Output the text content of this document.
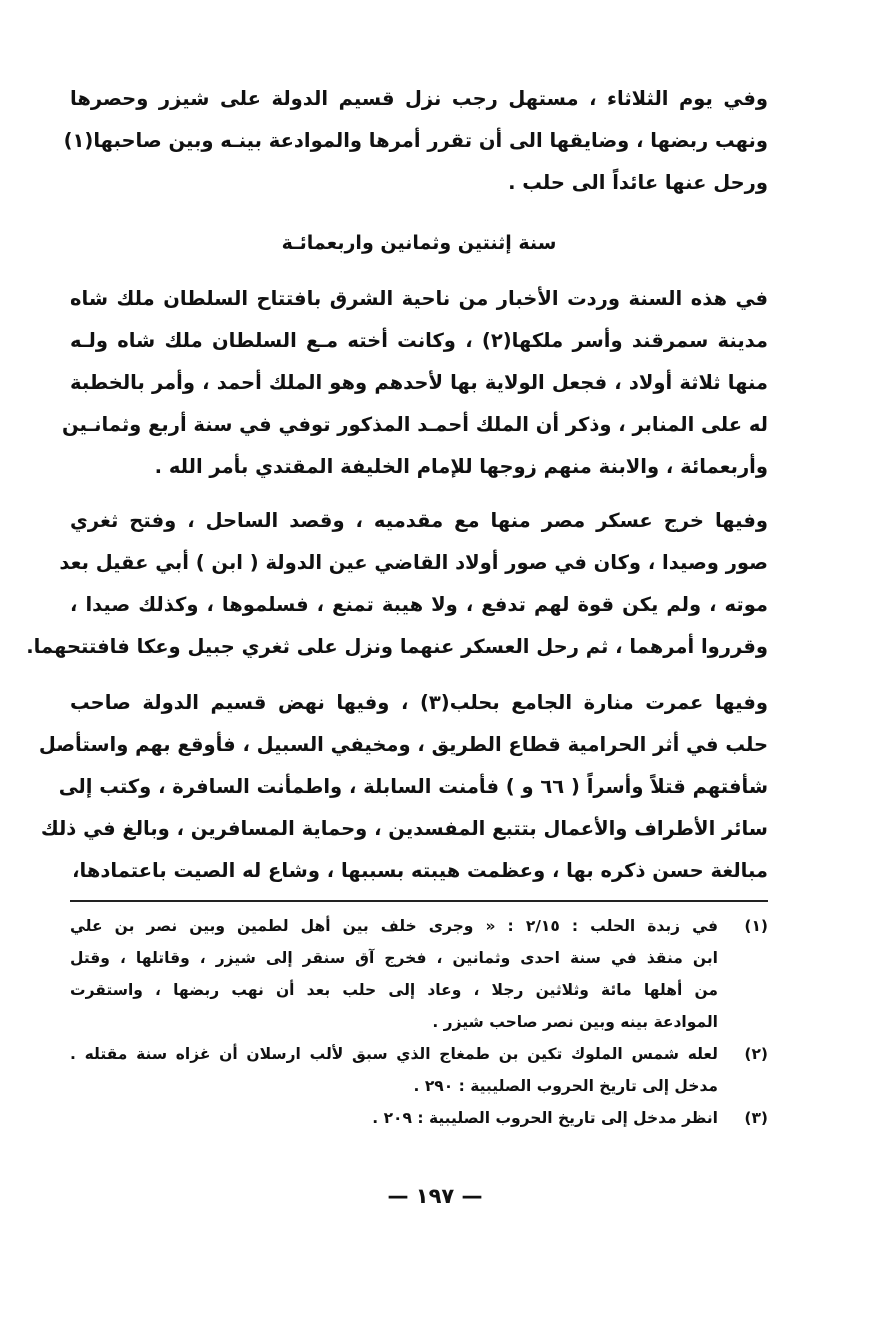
وفي يوم الثلاثاء ، مستهل رجب نزل قسيم الدولة على شيزر وحصرها
ونهب ربضها ، وضايقها الى أن تقرر أمرها والموادعة بينـه وبين صاحبها(١)
ورحل عنها عائداً الى حلب .
سنة إثنتين وثمانين واربعمائـة
في هذه السنة وردت الأخبار من ناحية الشرق بافتتاح السلطان ملك شاه
مدينة سمرقند وأسر ملكها(٢) ، وكانت أخته مـع السلطان ملك شاه ولـه
منها ثلاثة أولاد ، فجعل الولاية بها لأحدهم وهو الملك أحمد ، وأمر بالخطبة
له على المنابر ، وذكر أن الملك أحمـد المذكور توفي في سنة أربع وثمانـين
وأربعمائة ، والابنة منهم زوجها للإمام الخليفة المقتدي بأمر الله .
وفيها خرج عسكر مصر منها مع مقدميه ، وقصد الساحل ، وفتح ثغري
صور وصيدا ، وكان في صور أولاد القاضي عين الدولة ( ابن ) أبي عقيل بعد
موته ، ولم يكن قوة لهم تدفع ، ولا هيبة تمنع ، فسلموها ، وكذلك صيدا ،
وقرروا أمرهما ، ثم رحل العسكر عنهما ونزل على ثغري جبيل وعكا فافتتحهما.
وفيها عمرت منارة الجامع بحلب(٣) ، وفيها نهض قسيم الدولة صاحب
حلب في أثر الحرامية قطاع الطريق ، ومخيفي السبيل ، فأوقع بهم واستأصل
شأفتهم قتلاً وأسراً ( ٦٦ و ) فأمنت السابلة ، واطمأنت السافرة ، وكتب إلى
سائر الأطراف والأعمال بتتبع المفسدين ، وحماية المسافرين ، وبالغ في ذلك
مبالغة حسن ذكره بها ، وعظمت هيبته بسببها ، وشاع له الصيت باعتمادها،
(١)
في زبدة الحلب : ٢/١٥ : « وجرى خلف بين أهل لطمين وبين نصر بن علي
ابن منقذ في سنة احدى وثمانين ، فخرج آق سنقر إلى شيزر ، وقاتلها ، وقتل
من أهلها مائة وثلاثين رجلا ، وعاد إلى حلب بعد أن نهب ربضها ، واستقرت
الموادعة بينه وبين نصر صاحب شيزر .
(٢)
لعله شمس الملوك تكين بن طمغاج الذي سبق لألب ارسلان أن غزاه سنة مقتله .
مدخل إلى تاريخ الحروب الصليبية : ٢٩٠ .
(٣)
انظر مدخل إلى تاريخ الحروب الصليبية : ٢٠٩ .
— ١٩٧ —
